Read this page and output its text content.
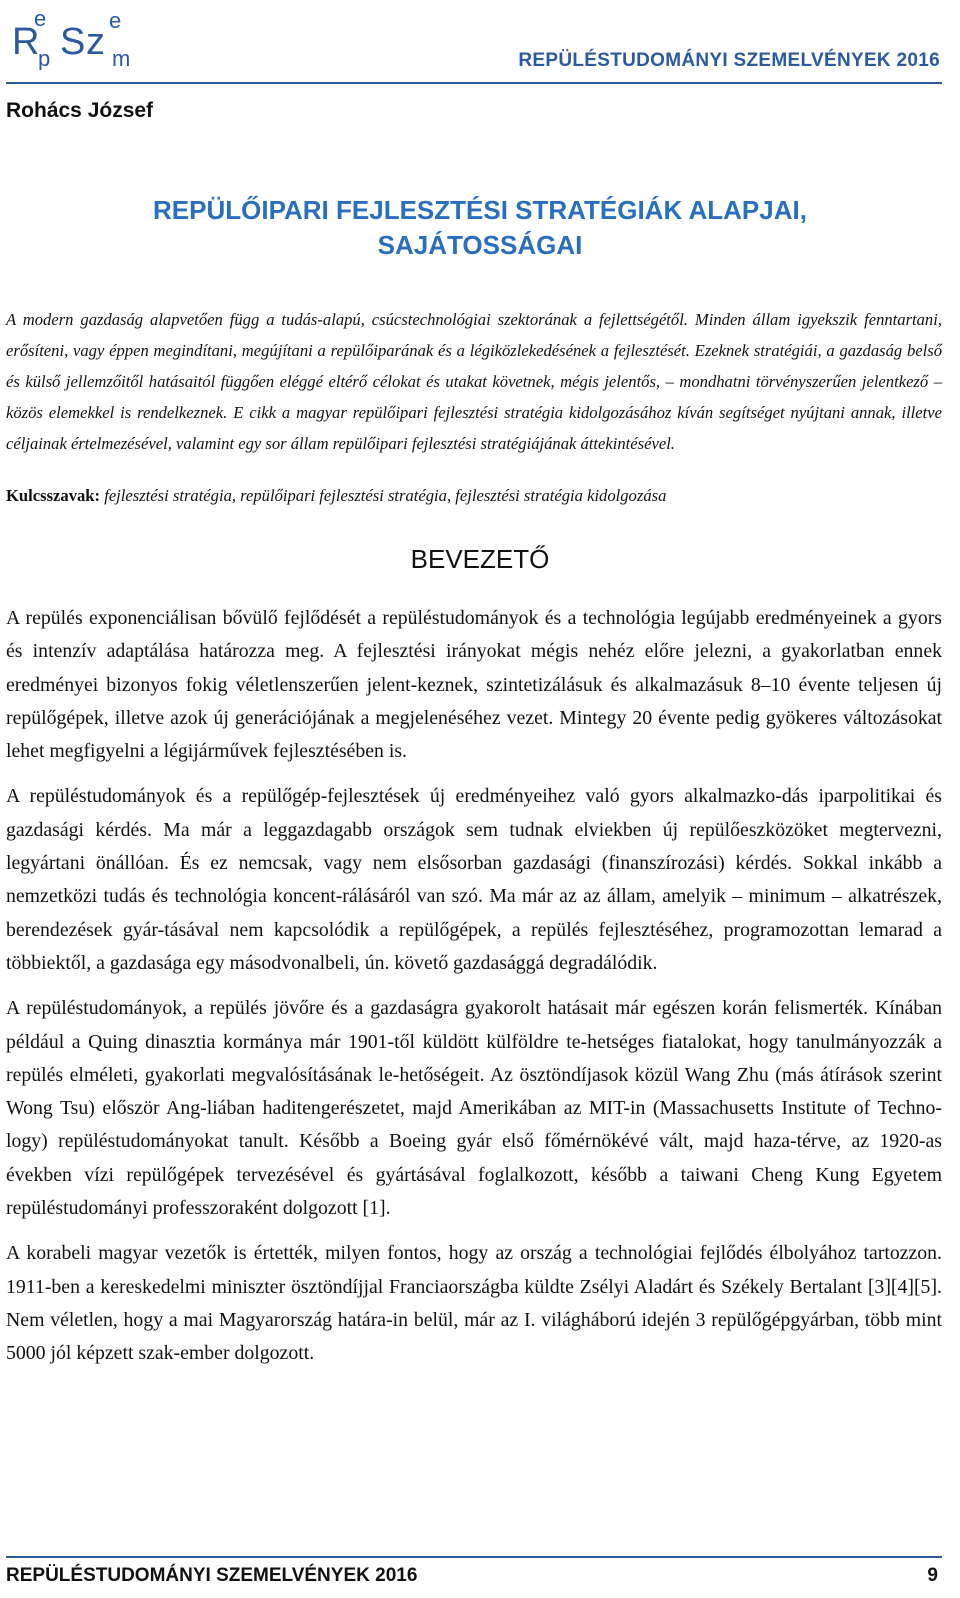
R
e
p S z
e
m	REPÜLÉSTUDOMÁNYI SZEMELVÉNYEK 2016
Rohács József
REPÜLŐIPARI FEJLESZTÉSI STRATÉGIÁK ALAPJAI,
SAJÁTOSSÁGAI

A modern gazdaság alapvetően függ a tudás-alapú, csúcstechnológiai szektorának a fejlettségétől. Minden állam igyekszik fenntartani, erősíteni, vagy éppen megindítani, megújítani a repülőiparának és a légiközlekedésének a fejlesztését. Ezeknek stratégiái, a gazdaság belső és külső jellemzőitől hatásaitól függően eléggé eltérő célokat és utakat követnek, mégis jelentős, – mondhatni törvényszerűen jelentkező – közös elemekkel is rendelkeznek. E cikk a magyar repülőipari fejlesztési stratégia kidolgozásához kíván segítséget nyújtani annak, illetve céljainak értelmezésével, valamint egy sor állam repülőipari fejlesztési stratégiájának áttekintésével.

Kulcsszavak: fejlesztési stratégia, repülőipari fejlesztési stratégia, fejlesztési stratégia kidolgozása

BEVEZETŐ

A repülés exponenciálisan bővülő fejlődését a repüléstudományok és a technológia legújabb eredményeinek a gyors és intenzív adaptálása határozza meg. A fejlesztési irányokat mégis nehéz előre jelezni, a gyakorlatban ennek eredményei bizonyos fokig véletlenszerűen jelent-keznek, szintetizálásuk és alkalmazásuk 8–10 évente teljesen új repülőgépek, illetve azok új generációjának a megjelenéséhez vezet. Mintegy 20 évente pedig gyökeres változásokat lehet megfigyelni a légijárművek fejlesztésében is.

A repüléstudományok és a repülőgép-fejlesztések új eredményeihez való gyors alkalmazko-dás iparpolitikai és gazdasági kérdés. Ma már a leggazdagabb országok sem tudnak elviekben új repülőeszközöket megtervezni, legyártani önállóan. És ez nemcsak, vagy nem elsősorban gazdasági (finanszírozási) kérdés. Sokkal inkább a nemzetközi tudás és technológia koncent-rálásáról van szó. Ma már az az állam, amelyik – minimum – alkatrészek, berendezések gyár-tásával nem kapcsolódik a repülőgépek, a repülés fejlesztéséhez, programozottan lemarad a többiektől, a gazdasága egy másodvonalbeli, ún. követő gazdasággá degradálódik.

A repüléstudományok, a repülés jövőre és a gazdaságra gyakorolt hatásait már egészen korán felismerték. Kínában például a Quing dinasztia kormánya már 1901-től küldött külföldre te-hetséges fiatalokat, hogy tanulmányozzák a repülés elméleti, gyakorlati megvalósításának le-hetőségeit. Az ösztöndíjasok közül Wang Zhu (más átírások szerint Wong Tsu) először Ang-liában haditengerészetet, majd Amerikában az MIT-in (Massachusetts Institute of Techno-logy) repüléstudományokat tanult. Később a Boeing gyár első főmérnökévé vált, majd haza-térve, az 1920-as években vízi repülőgépek tervezésével és gyártásával foglalkozott, később a taiwani Cheng Kung Egyetem repüléstudományi professzoraként dolgozott [1].

A korabeli magyar vezetők is értették, milyen fontos, hogy az ország a technológiai fejlődés élbolyához tartozzon. 1911-ben a kereskedelmi miniszter ösztöndíjjal Franciaországba küldte Zsélyi Aladárt és Székely Bertalant [3][4][5]. Nem véletlen, hogy a mai Magyarország határa-in belül, már az I. világháború idején 3 repülőgépgyárban, több mint 5000 jól képzett szak-ember dolgozott.

REPÜLÉSTUDOMÁNYI SZEMELVÉNYEK 2016	9
